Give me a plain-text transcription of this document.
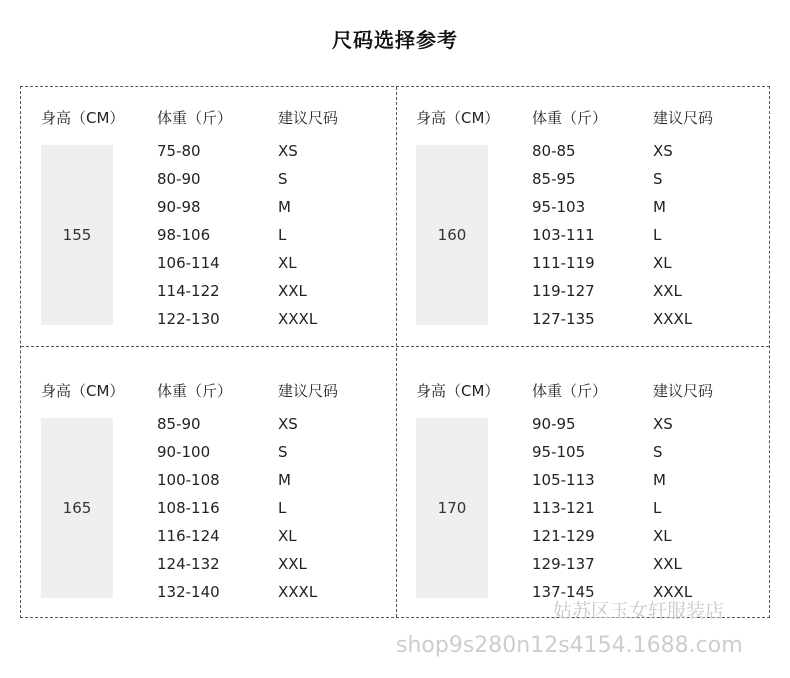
尺码选择参考
身高（CM） 体重（斤）	建议尺码
155
75-80	XS
80-90	S
90-98	M
98-106	L
106-114	XL
114-122	XXL
122-130	XXXL
身高（CM） 体重（斤）	建议尺码
160
80-85	XS
85-95	S
95-103	M
103-111	L
111-119	XL
119-127	XXL
127-135	XXXL
身高（CM） 体重（斤）	建议尺码
165
85-90	XS
90-100	S
100-108	M
108-116	L
116-124	XL
124-132	XXL
132-140	XXXL
身高（CM） 体重（斤）	建议尺码
170
90-95	XS
95-105	S
105-113	M
113-121	L
121-129	XL
129-137	XXL
137-145	XXXL
姑苏区玉女轩服装店
shop9s280n12s4154.1688.com
